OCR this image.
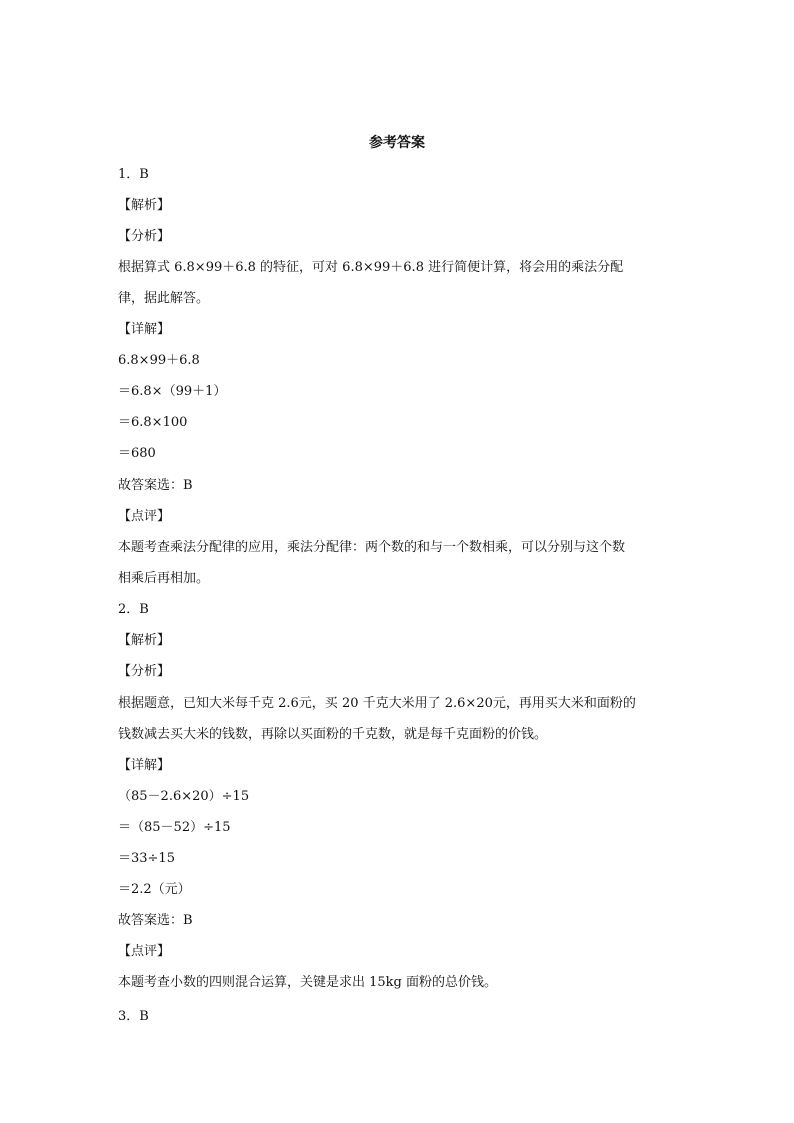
参考答案
1．B
【解析】
【分析】
根据算式 6.8×99＋6.8 的特征，可对 6.8×99＋6.8 进行简便计算，将会用的乘法分配
律，据此解答。
【详解】
6.8×99＋6.8
＝6.8×（99＋1）
＝6.8×100
＝680
故答案选：B
【点评】
本题考查乘法分配律的应用，乘法分配律：两个数的和与一个数相乘，可以分别与这个数
相乘后再相加。
2．B
【解析】
【分析】
根据题意，已知大米每千克 2.6元，买 20 千克大米用了 2.6×20元，再用买大米和面粉的
钱数减去买大米的钱数，再除以买面粉的千克数，就是每千克面粉的价钱。
【详解】
（85－2.6×20）÷15
＝（85－52）÷15
＝33÷15
＝2.2（元）
故答案选：B
【点评】
本题考查小数的四则混合运算，关键是求出 15kg 面粉的总价钱。
3．B
